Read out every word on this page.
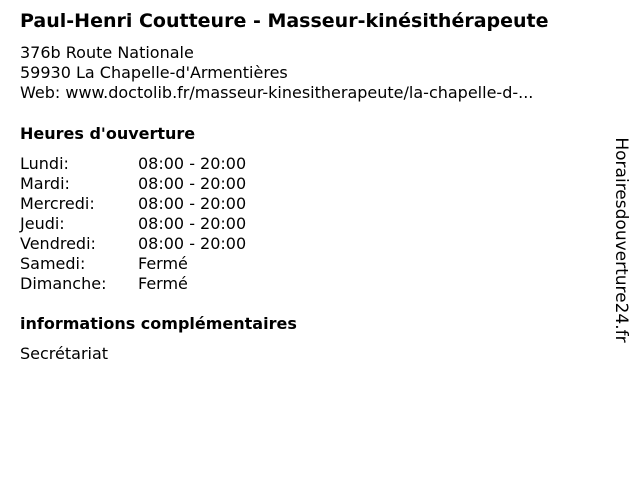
Paul-Henri Coutteure - Masseur-kinésithérapeute
376b Route Nationale
59930 La Chapelle-d'Armentières
Web: www.doctolib.fr/masseur-kinesitherapeute/la-chapelle-d-...
Heures d'ouverture
Lundi:	08:00 - 20:00
Mardi:	08:00 - 20:00
Mercredi:	08:00 - 20:00
Jeudi:	08:00 - 20:00
Vendredi:	08:00 - 20:00
Samedi:	Fermé
Dimanche:	Fermé
informations complémentaires
Secrétariat
Horairesdouverture24.fr
